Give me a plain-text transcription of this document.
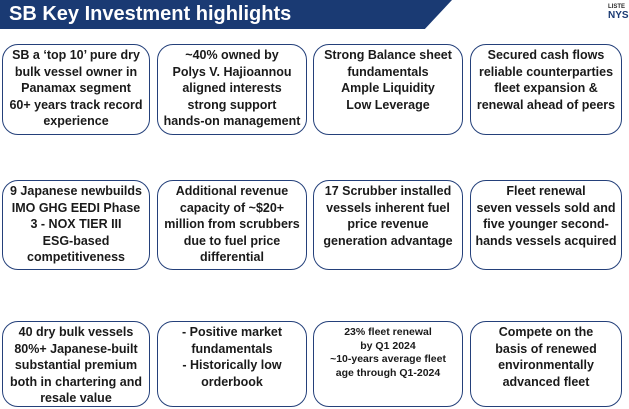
SB Key Investment highlights	LISTE
NYS
SB a ‘top 10’ pure dry
bulk vessel owner in
Panamax segment
60+ years track record
experience
~40% owned by
Polys V. Hajioannou
aligned interests
strong support
hands-on management
Strong Balance sheet
fundamentals
Ample Liquidity
Low Leverage
Secured cash flows
reliable counterparties
fleet expansion &
renewal ahead of peers
9 Japanese newbuilds
IMO GHG EEDI Phase
3 - NOX TIER III
ESG-based
competitiveness
Additional revenue
capacity of ~$20+
million from scrubbers
due to fuel price
differential
17 Scrubber installed
vessels inherent fuel
price revenue
generation advantage
Fleet renewal
seven vessels sold and
five younger second-
hands vessels acquired
40 dry bulk vessels
80%+ Japanese-built
substantial premium
both in chartering and
resale value
- Positive market
fundamentals
- Historically low
orderbook
23% fleet renewal
by Q1 2024
~10-years average fleet
age through Q1-2024
Compete on the
basis of renewed
environmentally
advanced fleet
